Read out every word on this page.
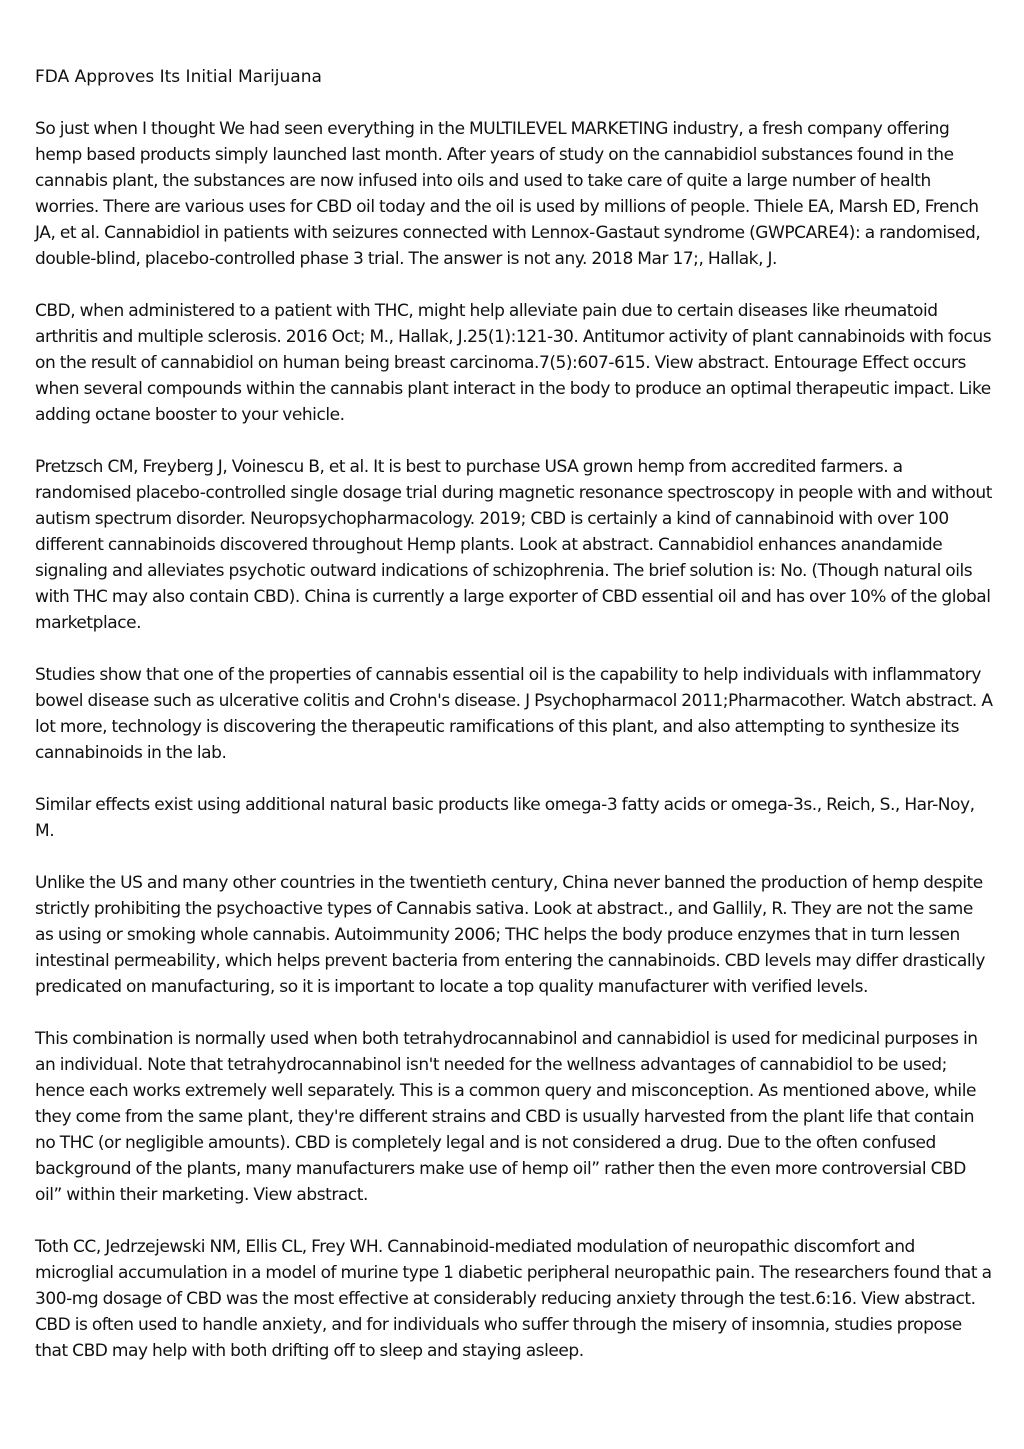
FDA Approves Its Initial Marijuana

So just when I thought We had seen everything in the MULTILEVEL MARKETING industry, a fresh company offering hemp based products simply launched last month. After years of study on the cannabidiol substances found in the cannabis plant, the substances are now infused into oils and used to take care of quite a large number of health worries. There are various uses for CBD oil today and the oil is used by millions of people. Thiele EA, Marsh ED, French JA, et al. Cannabidiol in patients with seizures connected with Lennox-Gastaut syndrome (GWPCARE4): a randomised, double-blind, placebo-controlled phase 3 trial. The answer is not any. 2018 Mar 17;, Hallak, J.

CBD, when administered to a patient with THC, might help alleviate pain due to certain diseases like rheumatoid arthritis and multiple sclerosis. 2016 Oct; M., Hallak, J.25(1):121-30. Antitumor activity of plant cannabinoids with focus on the result of cannabidiol on human being breast carcinoma.7(5):607-615. View abstract. Entourage Effect occurs when several compounds within the cannabis plant interact in the body to produce an optimal therapeutic impact. Like adding octane booster to your vehicle.

Pretzsch CM, Freyberg J, Voinescu B, et al. It is best to purchase USA grown hemp from accredited farmers. a randomised placebo-controlled single dosage trial during magnetic resonance spectroscopy in people with and without autism spectrum disorder. Neuropsychopharmacology. 2019; CBD is certainly a kind of cannabinoid with over 100 different cannabinoids discovered throughout Hemp plants. Look at abstract. Cannabidiol enhances anandamide signaling and alleviates psychotic outward indications of schizophrenia. The brief solution is: No. (Though natural oils with THC may also contain CBD). China is currently a large exporter of CBD essential oil and has over 10% of the global marketplace.

Studies show that one of the properties of cannabis essential oil is the capability to help individuals with inflammatory bowel disease such as ulcerative colitis and Crohn's disease. J Psychopharmacol 2011;Pharmacother. Watch abstract. A lot more, technology is discovering the therapeutic ramifications of this plant, and also attempting to synthesize its cannabinoids in the lab.

Similar effects exist using additional natural basic products like omega-3 fatty acids or omega-3s., Reich, S., Har-Noy, M.

Unlike the US and many other countries in the twentieth century, China never banned the production of hemp despite strictly prohibiting the psychoactive types of Cannabis sativa. Look at abstract., and Gallily, R. They are not the same as using or smoking whole cannabis. Autoimmunity 2006; THC helps the body produce enzymes that in turn lessen intestinal permeability, which helps prevent bacteria from entering the cannabinoids. CBD levels may differ drastically predicated on manufacturing, so it is important to locate a top quality manufacturer with verified levels.

This combination is normally used when both tetrahydrocannabinol and cannabidiol is used for medicinal purposes in an individual. Note that tetrahydrocannabinol isn't needed for the wellness advantages of cannabidiol to be used; hence each works extremely well separately. This is a common query and misconception. As mentioned above, while they come from the same plant, they're different strains and CBD is usually harvested from the plant life that contain no THC (or negligible amounts). CBD is completely legal and is not considered a drug. Due to the often confused background of the plants, many manufacturers make use of hemp oil” rather then the even more controversial CBD oil” within their marketing. View abstract.

Toth CC, Jedrzejewski NM, Ellis CL, Frey WH. Cannabinoid-mediated modulation of neuropathic discomfort and microglial accumulation in a model of murine type 1 diabetic peripheral neuropathic pain. The researchers found that a 300-mg dosage of CBD was the most effective at considerably reducing anxiety through the test.6:16. View abstract. CBD is often used to handle anxiety, and for individuals who suffer through the misery of insomnia, studies propose that CBD may help with both drifting off to sleep and staying asleep.
